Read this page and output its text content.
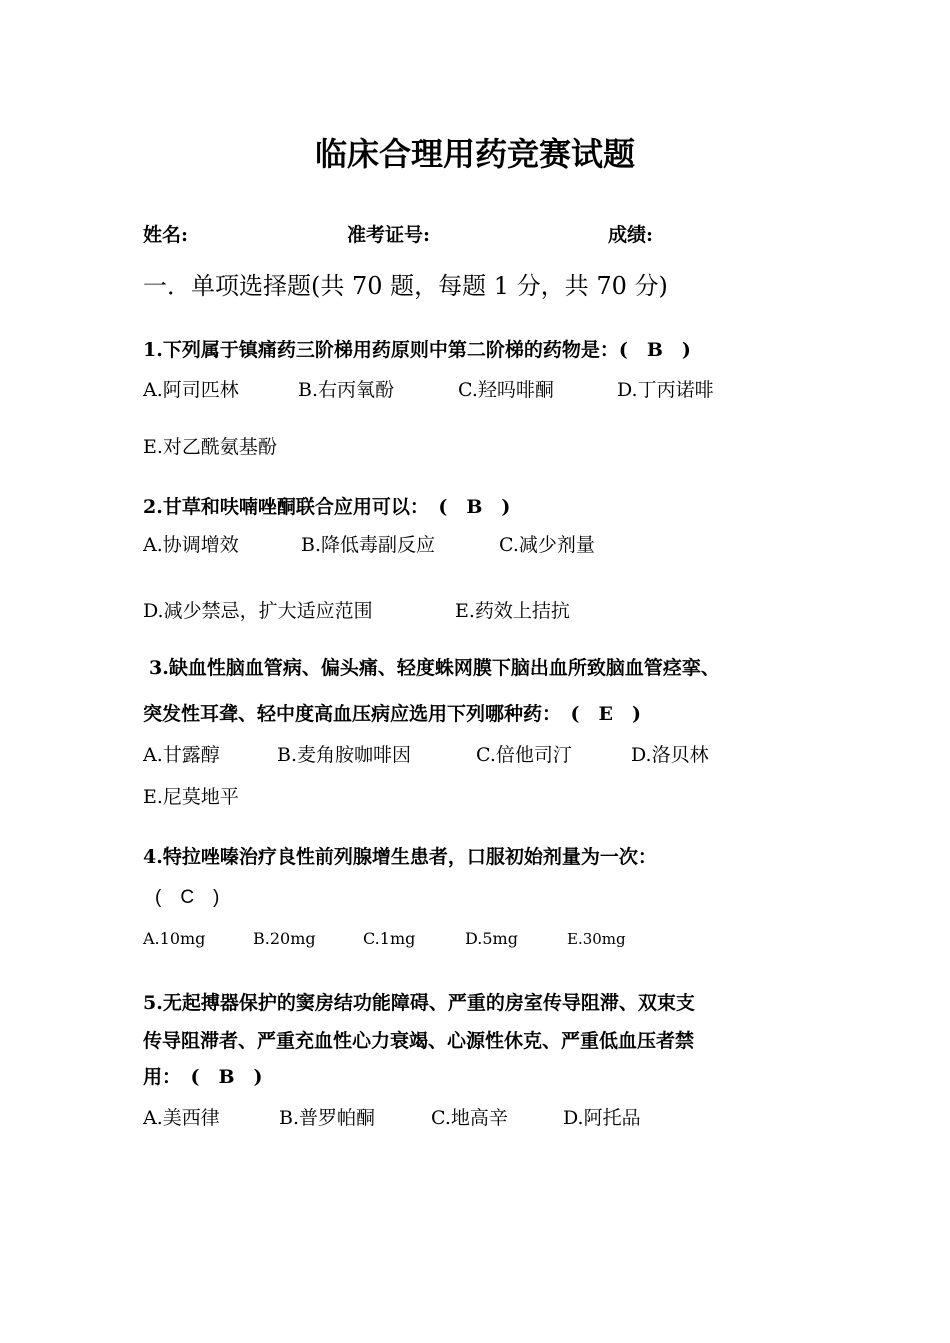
临床合理用药竞赛试题
姓名:	准考证号:	成绩:
一．单项选择题(共 70 题，每题 1 分，共 70 分)
1.下列属于镇痛药三阶梯用药原则中第二阶梯的药物是：(　B　)
A.阿司匹林	B.右丙氧酚	C.羟吗啡酮	D.丁丙诺啡
E.对乙酰氨基酚
2.甘草和呋喃唑酮联合应用可以：　(　B　)
A.协调增效	B.降低毒副反应	C.减少剂量
D.减少禁忌，扩大适应范围	E.药效上拮抗
3.缺血性脑血管病、偏头痛、轻度蛛网膜下脑出血所致脑血管痉挛、
突发性耳聋、轻中度高血压病应选用下列哪种药：　(　E　)
A.甘露醇	B.麦角胺咖啡因	C.倍他司汀	D.洛贝林
E.尼莫地平
4.特拉唑嗪治疗良性前列腺增生患者，口服初始剂量为一次：
(　C　)
A.10mg	B.20mg	C.1mg	D.5mg	E.30mg
5.无起搏器保护的窦房结功能障碍、严重的房室传导阻滞、双束支
传导阻滞者、严重充血性心力衰竭、心源性休克、严重低血压者禁
用：　(　B　)
A.美西律	B.普罗帕酮	C.地高辛	D.阿托品
